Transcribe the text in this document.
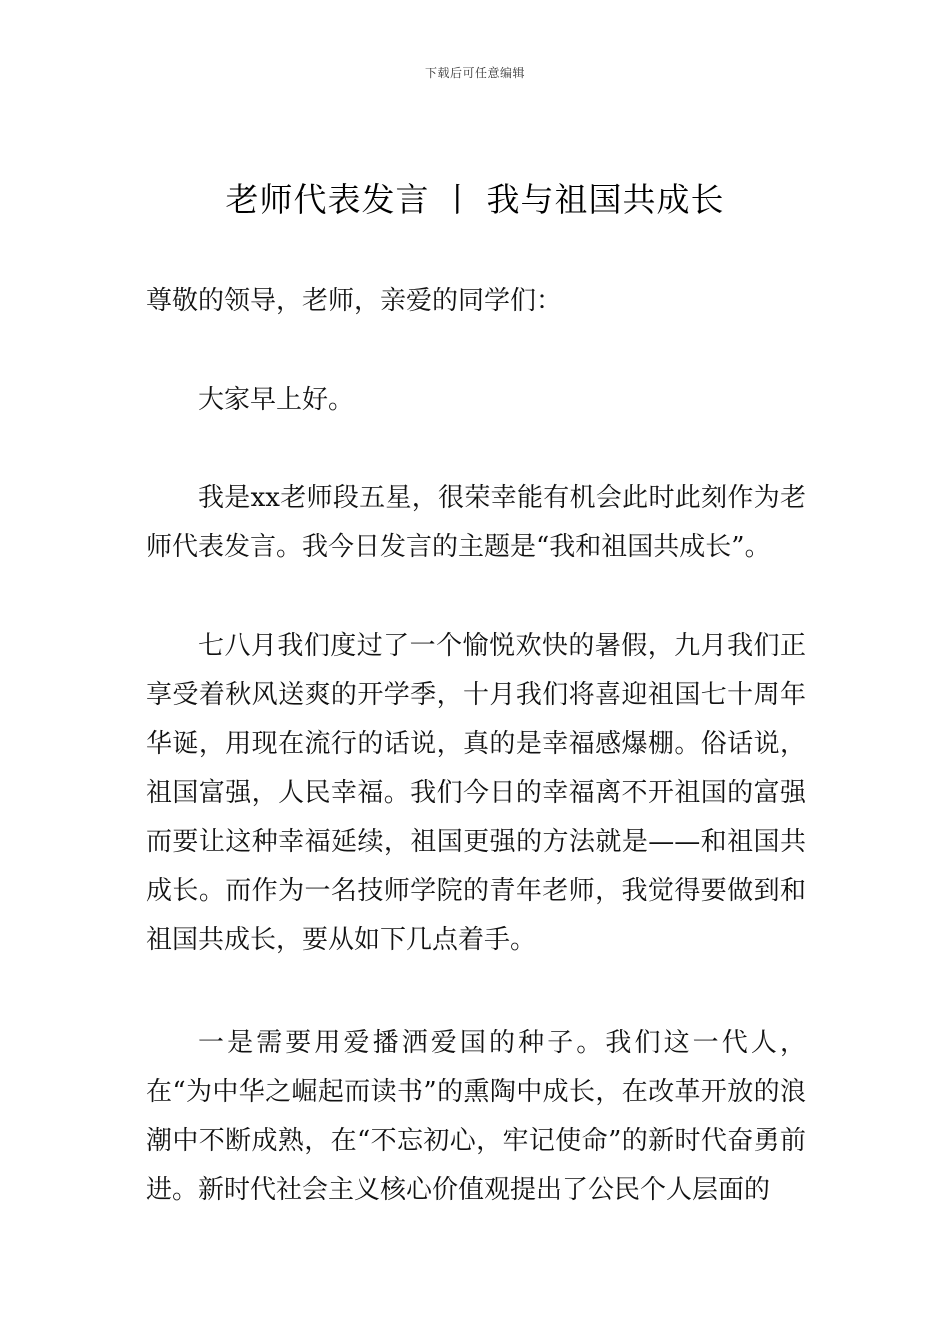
下载后可任意编辑
老师代表发言 丨 我与祖国共成长

尊敬的领导，老师，亲爱的同学们：

大家早上好。

我是xx老师段五星，很荣幸能有机会此时此刻作为老师代表发言。我今日发言的主题是“我和祖国共成长”。

七八月我们度过了一个愉悦欢快的暑假，九月我们正享受着秋风送爽的开学季，十月我们将喜迎祖国七十周年华诞，用现在流行的话说，真的是幸福感爆棚。俗话说，祖国富强，人民幸福。我们今日的幸福离不开祖国的富强而要让这种幸福延续，祖国更强的方法就是——和祖国共成长。而作为一名技师学院的青年老师，我觉得要做到和祖国共成长，要从如下几点着手。

一是需要用爱播洒爱国的种子。我们这一代人，在“为中华之崛起而读书”的熏陶中成长，在改革开放的浪潮中不断成熟，在“不忘初心，牢记使命”的新时代奋勇前进。新时代社会主义核心价值观提出了公民个人层面的
